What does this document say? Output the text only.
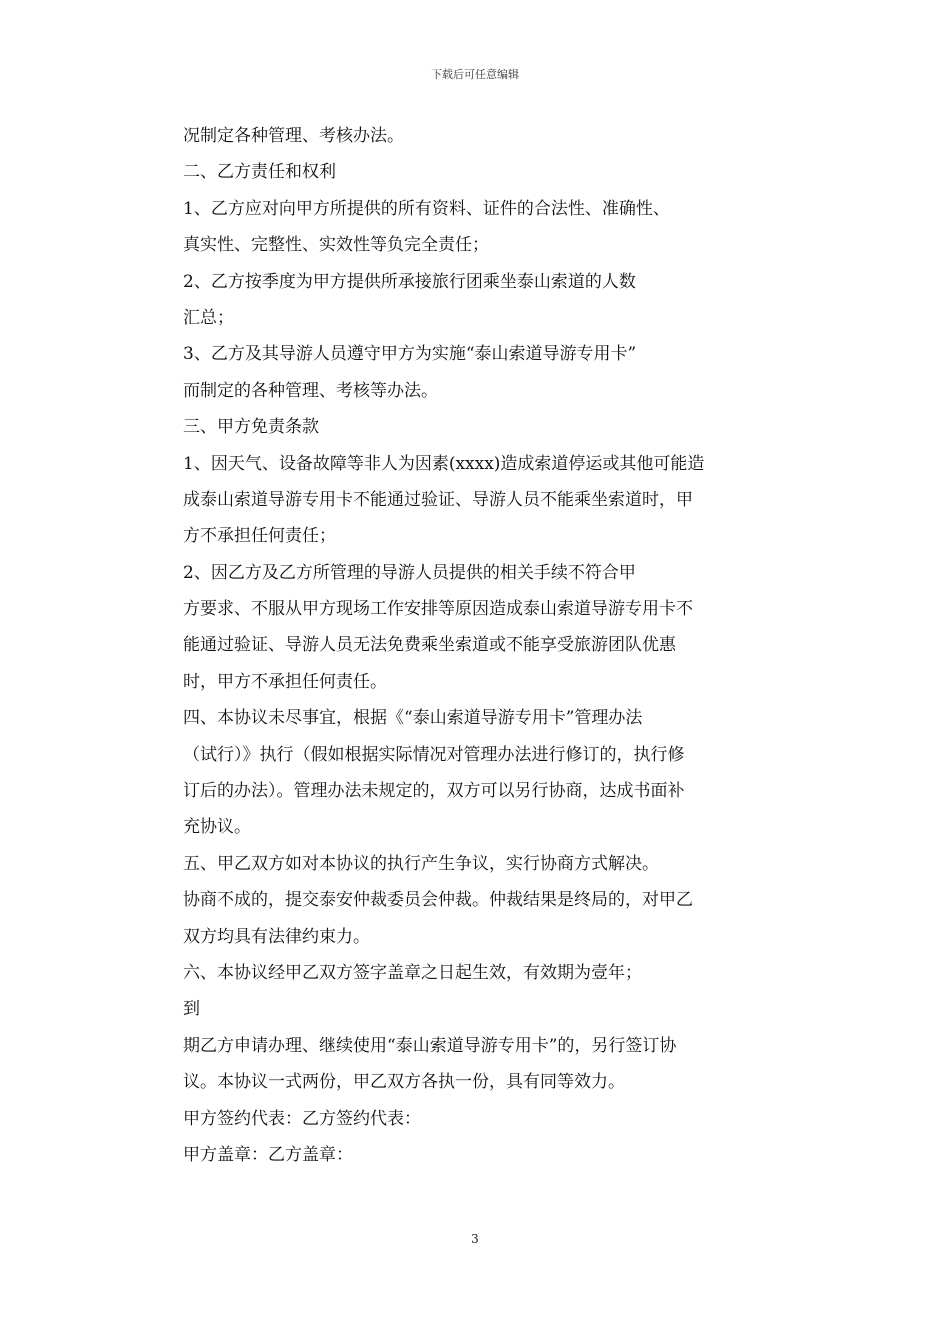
下载后可任意编辑
况制定各种管理、考核办法。
二、乙方责任和权利
1、乙方应对向甲方所提供的所有资料、证件的合法性、准确性、
真实性、完整性、实效性等负完全责任；
2、乙方按季度为甲方提供所承接旅行团乘坐泰山索道的人数
汇总；
3、乙方及其导游人员遵守甲方为实施“泰山索道导游专用卡”
而制定的各种管理、考核等办法。
三、甲方免责条款
1、因天气、设备故障等非人为因素(xxxx)造成索道停运或其他可能造
成泰山索道导游专用卡不能通过验证、导游人员不能乘坐索道时，甲
方不承担任何责任；
2、因乙方及乙方所管理的导游人员提供的相关手续不符合甲
方要求、不服从甲方现场工作安排等原因造成泰山索道导游专用卡不
能通过验证、导游人员无法免费乘坐索道或不能享受旅游团队优惠
时，甲方不承担任何责任。
四、本协议未尽事宜，根据《“泰山索道导游专用卡”管理办法
（试行）》执行（假如根据实际情况对管理办法进行修订的，执行修
订后的办法）。管理办法未规定的，双方可以另行协商，达成书面补
充协议。
五、甲乙双方如对本协议的执行产生争议，实行协商方式解决。
协商不成的，提交泰安仲裁委员会仲裁。仲裁结果是终局的，对甲乙
双方均具有法律约束力。
六、本协议经甲乙双方签字盖章之日起生效，有效期为壹年；
到
期乙方申请办理、继续使用“泰山索道导游专用卡”的，另行签订协
议。本协议一式两份，甲乙双方各执一份，具有同等效力。
甲方签约代表：乙方签约代表：
甲方盖章：乙方盖章：
3
